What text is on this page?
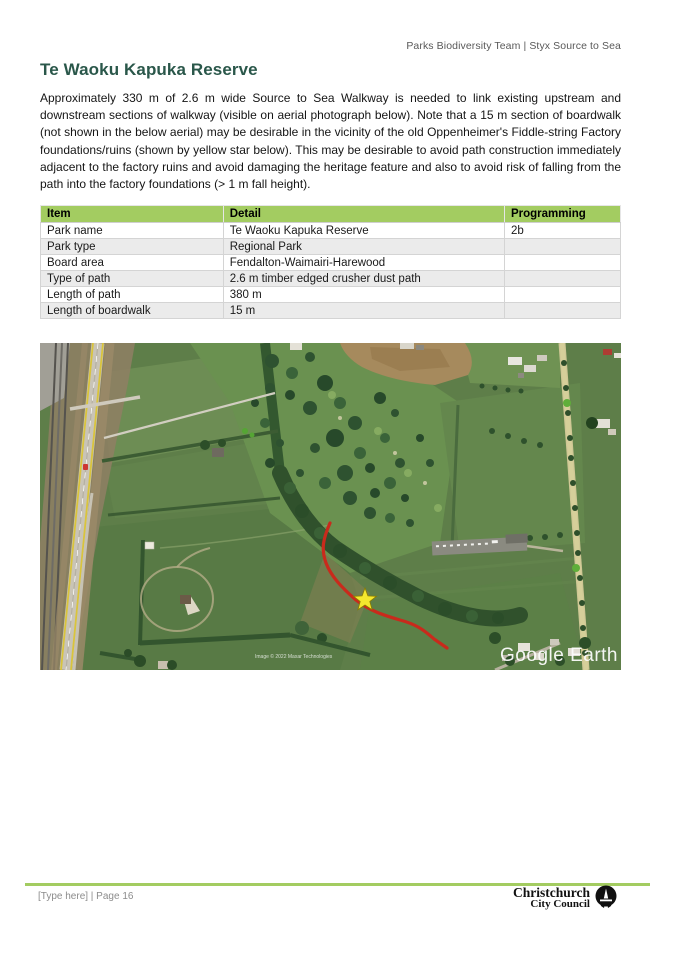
Parks Biodiversity Team | Styx Source to Sea
Te Waoku Kapuka Reserve

Approximately 330 m of 2.6 m wide Source to Sea Walkway is needed to link existing upstream and downstream sections of walkway (visible on aerial photograph below). Note that a 15 m section of boardwalk (not shown in the below aerial) may be desirable in the vicinity of the old Oppenheimer's Fiddle-string Factory foundations/ruins (shown by yellow star below). This may be desirable to avoid path construction immediately adjacent to the factory ruins and avoid damaging the heritage feature and also to avoid risk of falling from the path into the factory foundations (> 1 m fall height).

Item	Detail	Programming
Park name	Te Waoku Kapuka Reserve	2b
Park type	Regional Park	
Board area	Fendalton-Waimairi-Harewood	
Type of path	2.6 m timber edged crusher dust path	
Length of path	380 m	
Length of boardwalk	15 m	
Image © 2022 Maxar Technologies	Google Earth
[Type here] | Page 16	Christchurch
City Council
